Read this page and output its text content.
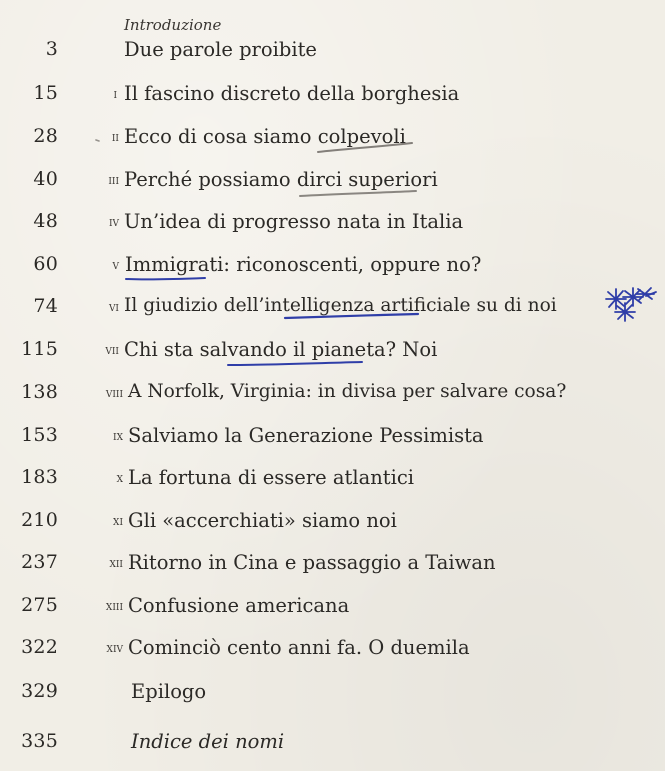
Introduzione
3	Due parole proibite
15	i Il fascino discreto della borghesia
28	ii Ecco di cosa siamo colpevoli
40	iii Perché possiamo dirci superiori
48	iv Un’idea di progresso nata in Italia
60	v Immigrati: riconoscenti, oppure no?
74	vi Il giudizio dell’intelligenza artificiale su di noi
115	vii Chi sta salvando il pianeta? Noi
138	viii A Norfolk, Virginia: in divisa per salvare cosa?
153	ix Salviamo la Generazione Pessimista
183	x La fortuna di essere atlantici
210	xi Gli «accerchiati» siamo noi
237	xii Ritorno in Cina e passaggio a Taiwan
275	xiii Confusione americana
322	xiv Cominciò cento anni fa. O duemila
329	Epilogo
335	Indice dei nomi
